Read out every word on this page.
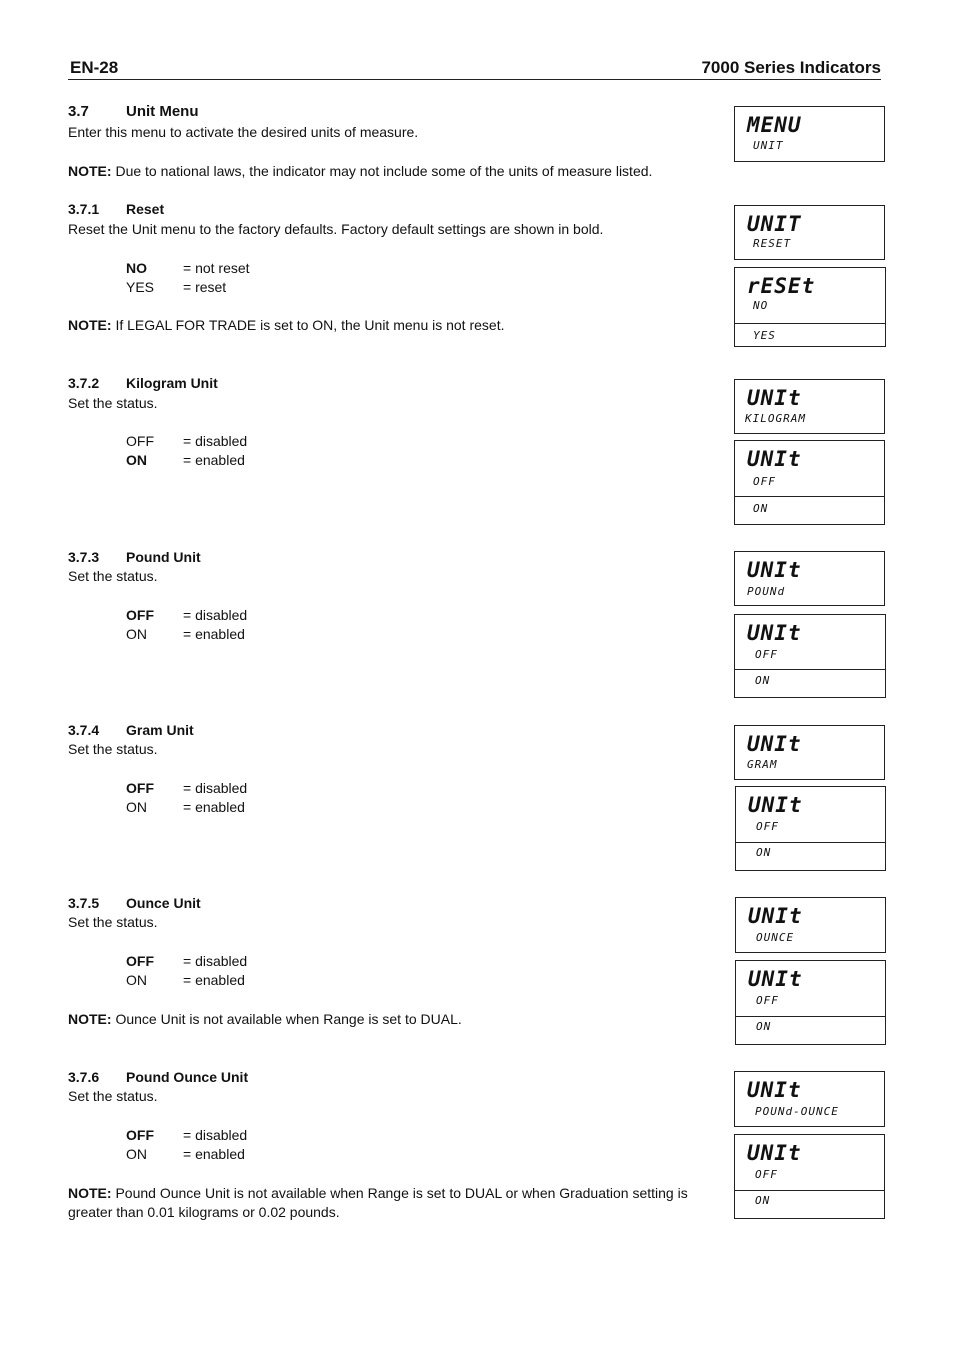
EN-28	7000 Series Indicators
3.7 Unit Menu
Enter this menu to activate the desired units of measure.
NOTE: Due to national laws, the indicator may not include some of the units of measure listed.
3.7.1 Reset
Reset the Unit menu to the factory defaults. Factory default settings are shown in bold.
NO	= not reset
YES = reset
NOTE: If LEGAL FOR TRADE is set to ON, the Unit menu is not reset.
3.7.2 Kilogram Unit
Set the status.
OFF = disabled
ON	= enabled
3.7.3 Pound Unit
Set the status.
OFF = disabled
ON	= enabled
3.7.4 Gram Unit
Set the status.
OFF = disabled
ON	= enabled
3.7.5 Ounce Unit
Set the status.
OFF = disabled
ON	= enabled
NOTE: Ounce Unit is not available when Range is set to DUAL.
3.7.6 Pound Ounce Unit
Set the status.
OFF = disabled
ON	= enabled
NOTE: Pound Ounce Unit is not available when Range is set to DUAL or when Graduation setting is
greater than 0.01 kilograms or 0.02 pounds.
MENU
UNIT
UNIT
RESET
rESEt
NO
YES
UNIt
KILOGRAM
UNIt
OFF
ON
UNIt
POUNd
UNIt
OFF
ON
UNIt
GRAM
UNIt
OFF
ON
UNIt
OUNCE
UNIt
OFF
ON
UNIt
POUNd-OUNCE
UNIt
OFF
ON
